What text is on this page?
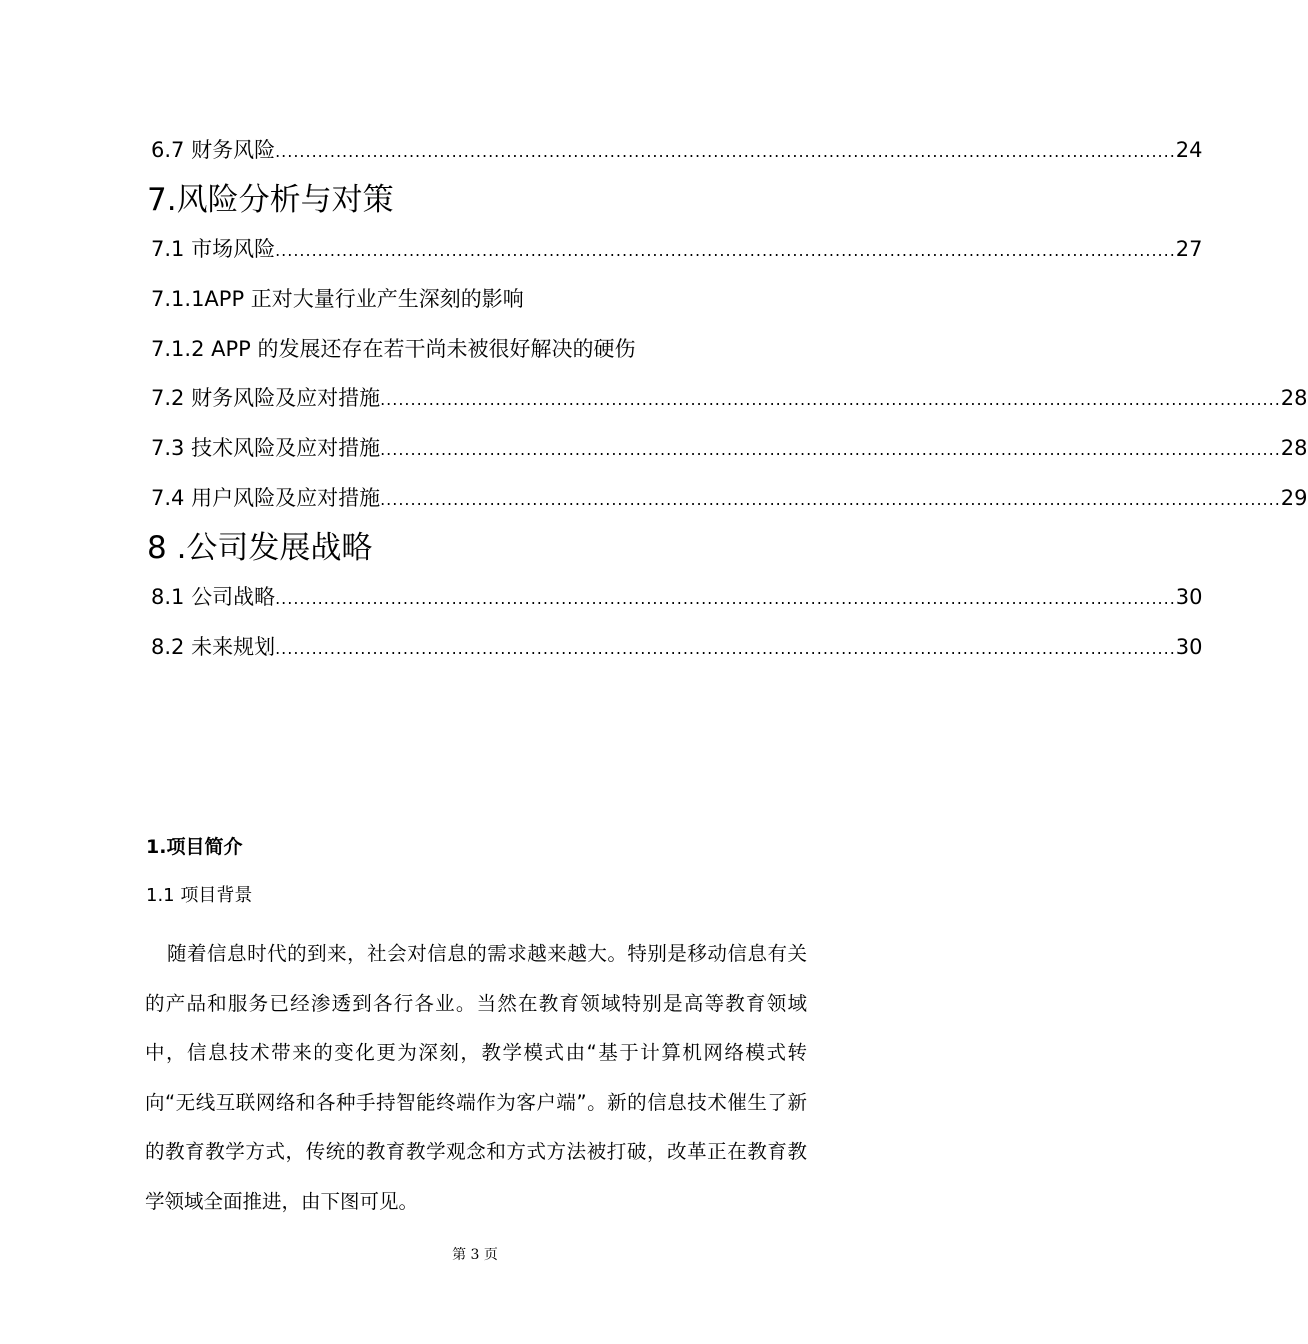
6.7 财务风险 .................................................................................................................................................... 24
7.风险分析与对策
7.1 市场风险 .................................................................................................................................................... 27
7.1.1APP 正对大量行业产生深刻的影响
7.1.2 APP 的发展还存在若干尚未被很好解决的硬伤
7.2 财务风险及应对措施 .................................................................................................................................................... 28
7.3 技术风险及应对措施 .................................................................................................................................................... 28
7.4 用户风险及应对措施 .................................................................................................................................................... 29
8 .公司发展战略
8.1 公司战略 .................................................................................................................................................... 30
8.2 未来规划 .................................................................................................................................................... 30
1.项目简介
1.1 项目背景
随着信息时代的到来，社会对信息的需求越来越大。特别是移动信息有关的产品和服务已经渗透到各行各业。当然在教育领域特别是高等教育领域中，信息技术带来的变化更为深刻，教学模式由“基于计算机网络模式转向“无线互联网络和各种手持智能终端作为客户端”。新的信息技术催生了新的教育教学方式，传统的教育教学观念和方式方法被打破，改革正在教育教学领域全面推进，由下图可见。
第 3 页
